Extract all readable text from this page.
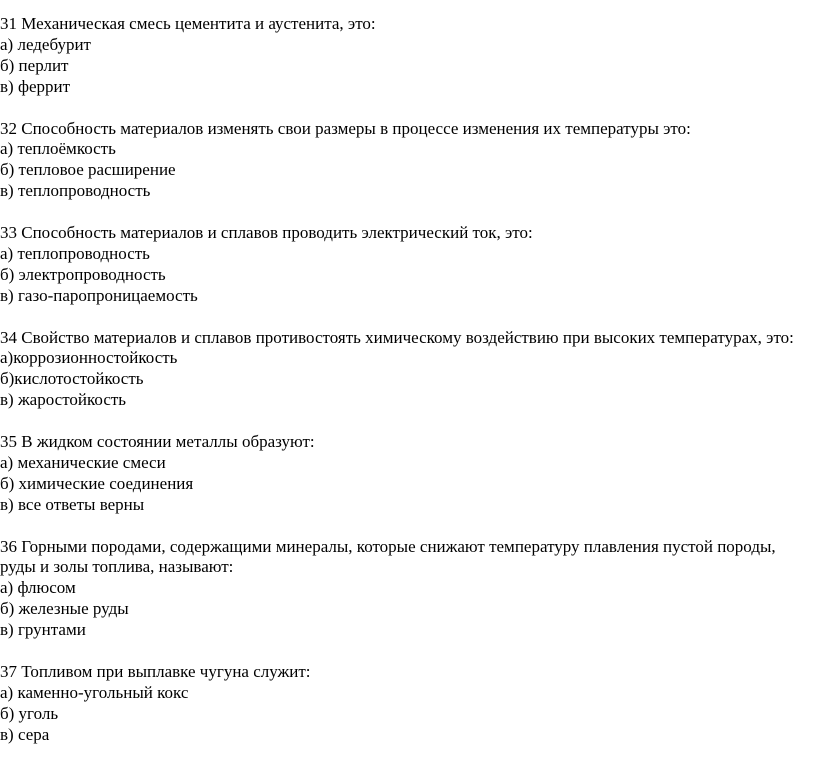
31 Механическая смесь цементита и аустенита, это:
а) ледебурит
б) перлит
в) феррит
32 Способность материалов изменять свои размеры в процессе изменения их температуры это:
а) теплоёмкость
б) тепловое расширение
в) теплопроводность
33 Способность материалов и сплавов проводить электрический ток, это:
а) теплопроводность
б) электропроводность
в) газо-паропроницаемость
34 Свойство материалов и сплавов противостоять химическому воздействию при высоких температурах, это:
а)коррозионностойкость
б)кислотостойкость
в) жаростойкость
35 В жидком состоянии металлы образуют:
а) механические смеси
б) химические соединения
в) все ответы верны
36 Горными породами, содержащими минералы, которые снижают температуру плавления пустой породы, руды и золы топлива, называют:
а) флюсом
б) железные руды
в) грунтами
37 Топливом при выплавке чугуна служит:
а) каменно-угольный кокс
б) уголь
в) сера
